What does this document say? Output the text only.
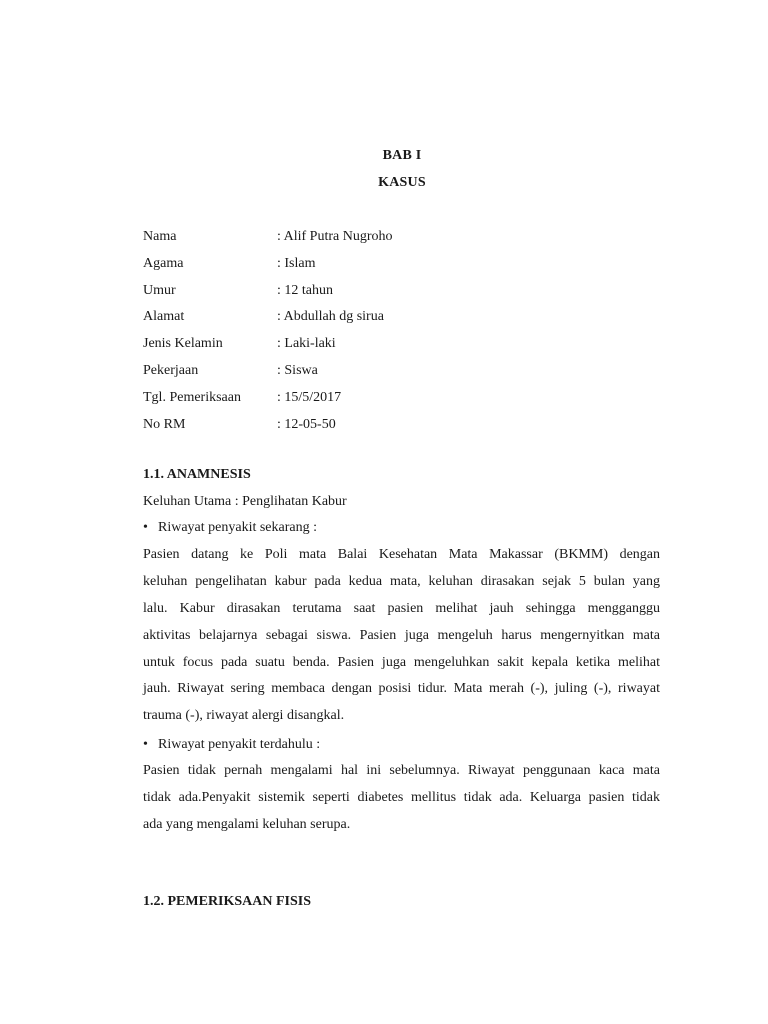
BAB I
KASUS
Nama	: Alif Putra Nugroho
Agama	: Islam
Umur	: 12 tahun
Alamat	: Abdullah dg sirua
Jenis Kelamin	: Laki-laki
Pekerjaan	: Siswa
Tgl. Pemeriksaan	: 15/5/2017
No RM	: 12-05-50
1.1. ANAMNESIS
Keluhan Utama : Penglihatan Kabur
• Riwayat penyakit sekarang :
Pasien datang ke Poli mata Balai Kesehatan Mata Makassar (BKMM) dengan
keluhan pengelihatan kabur pada kedua mata, keluhan dirasakan sejak 5 bulan yang
lalu. Kabur dirasakan terutama saat pasien melihat jauh sehingga mengganggu
aktivitas belajarnya sebagai siswa. Pasien juga mengeluh harus mengernyitkan mata
untuk focus pada suatu benda. Pasien juga mengeluhkan sakit kepala ketika melihat
jauh. Riwayat sering membaca dengan posisi tidur. Mata merah (-), juling (-), riwayat
trauma (-), riwayat alergi disangkal.
• Riwayat penyakit terdahulu :
Pasien tidak pernah mengalami hal ini sebelumnya. Riwayat penggunaan kaca mata
tidak ada.Penyakit sistemik seperti diabetes mellitus tidak ada. Keluarga pasien tidak
ada yang mengalami keluhan serupa.
1.2. PEMERIKSAAN FISIS
